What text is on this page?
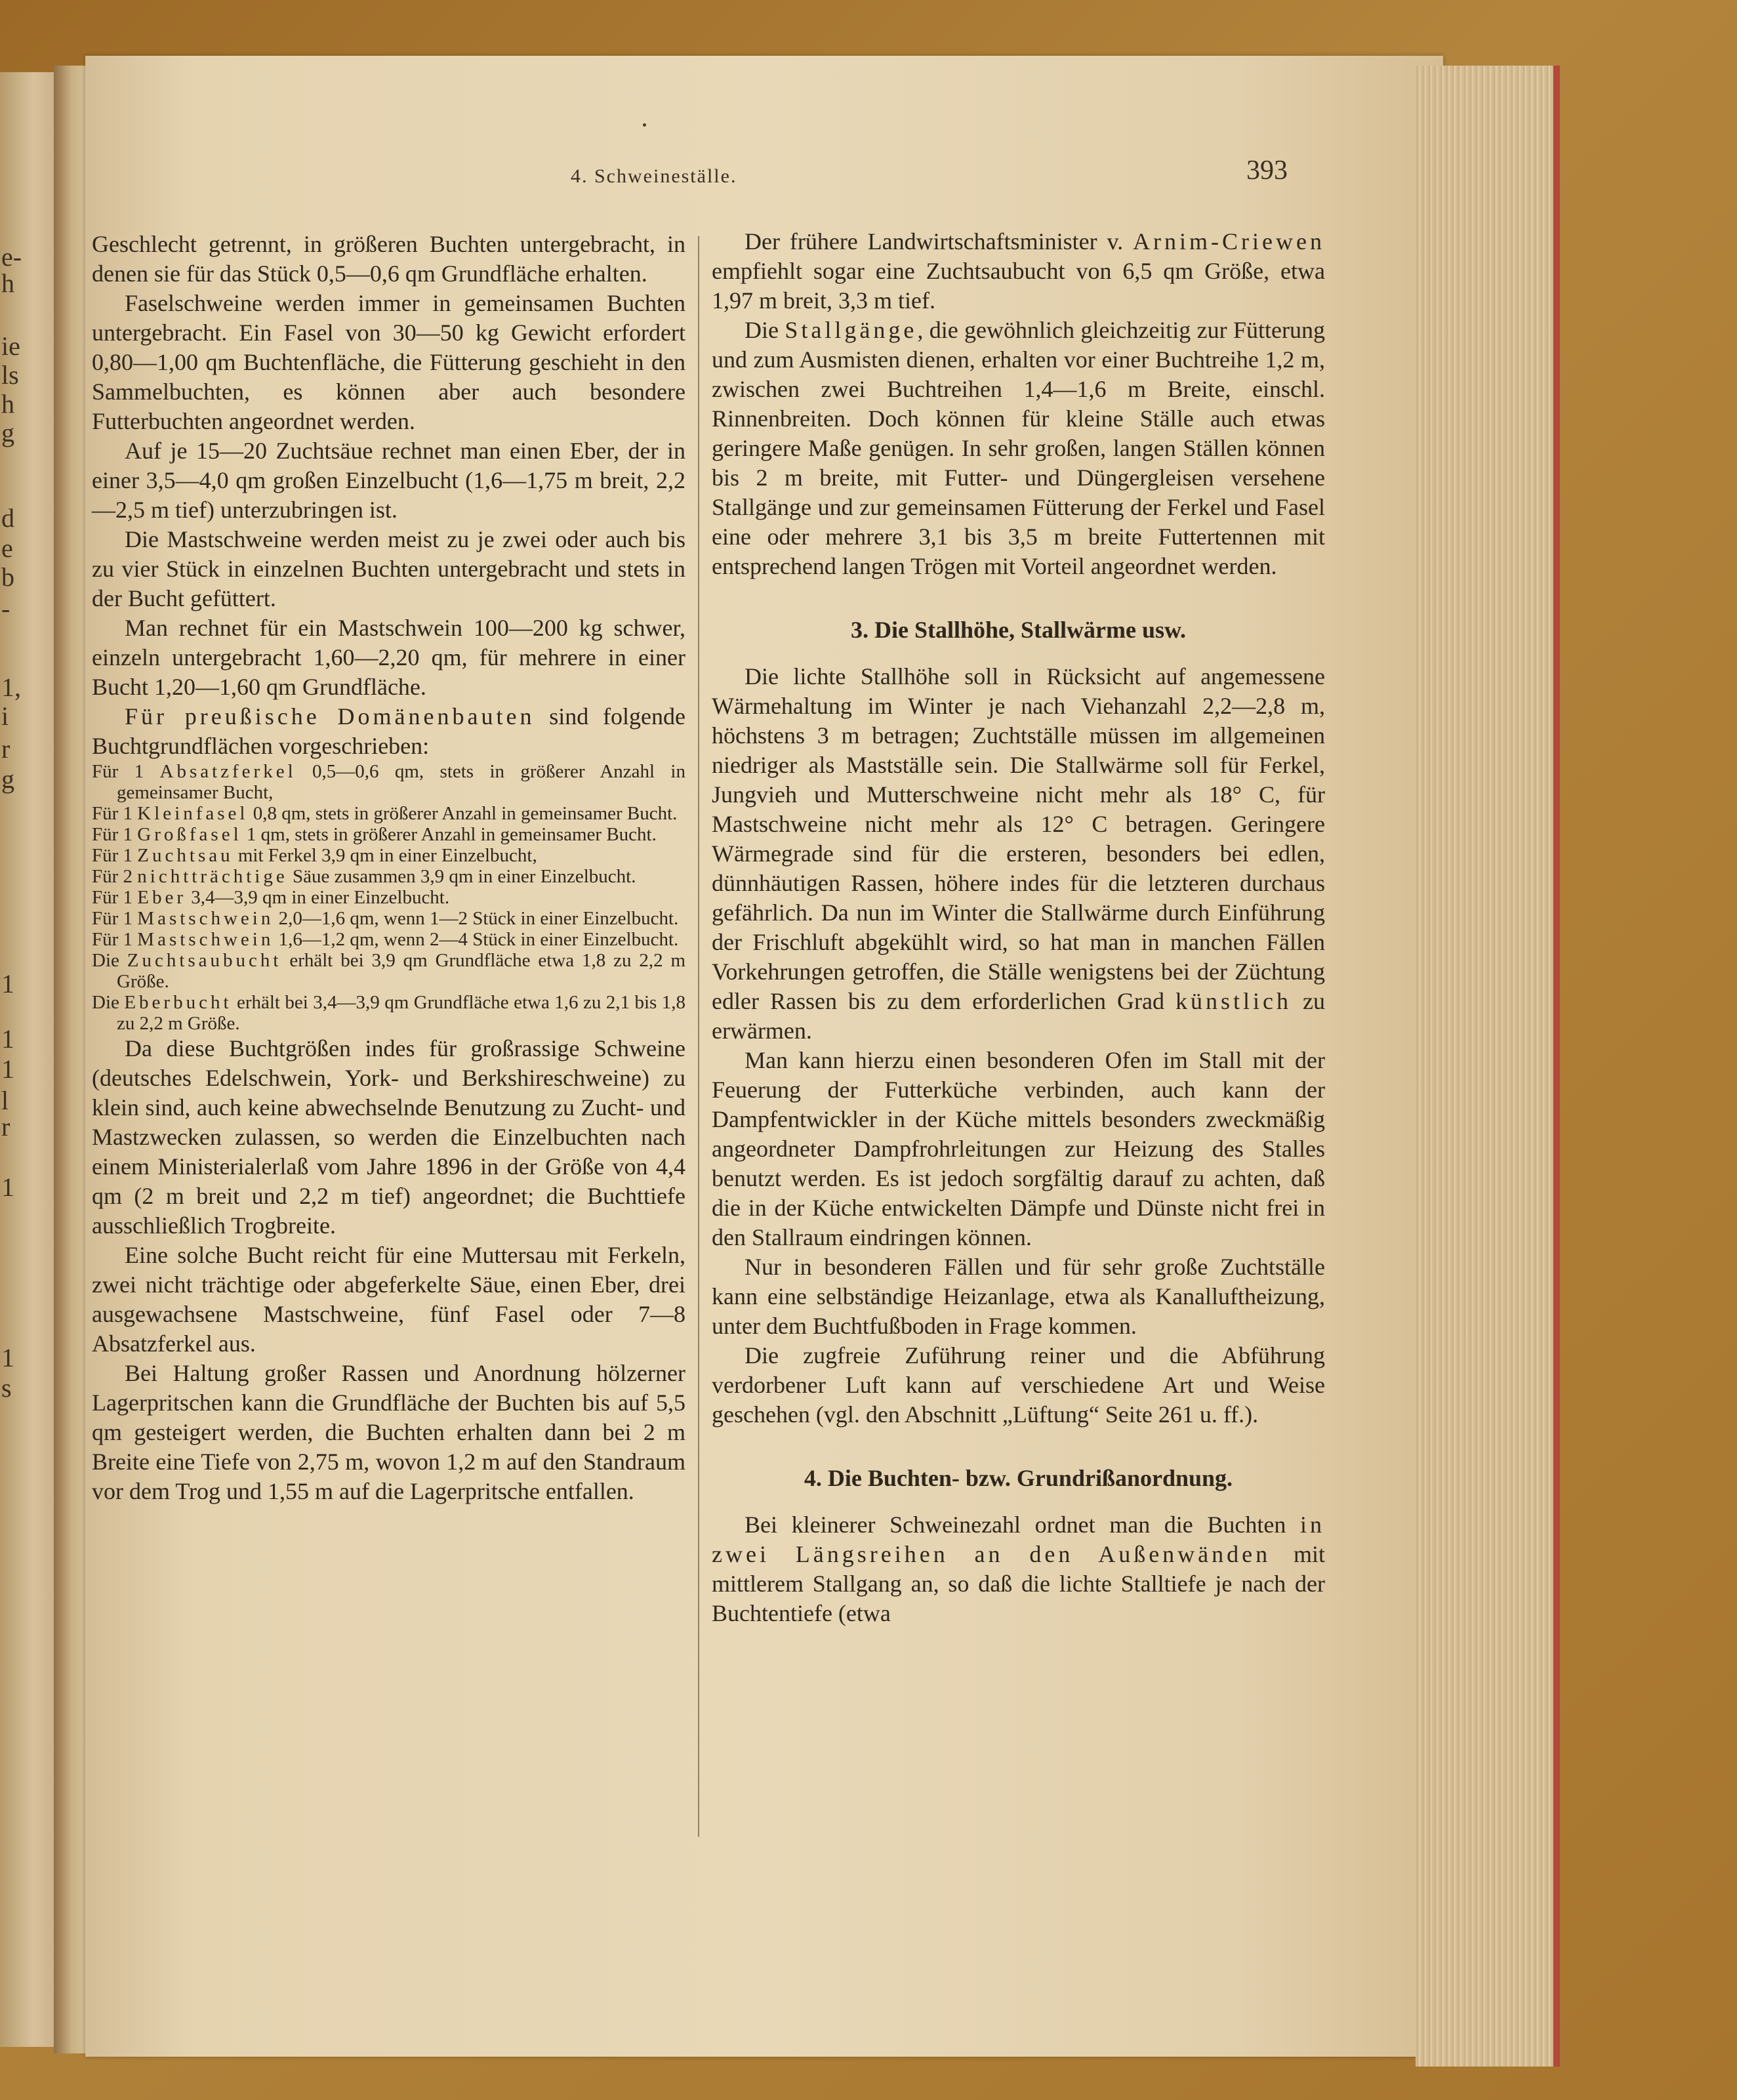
e-
h
ie
ls
h
g
d
e
b
-
1,
i
r
g
1
1
1
l
r
1
1
s
4. Schweineställe.	393

Geschlecht getrennt, in größeren Buchten untergebracht, in denen sie für das Stück 0,5—0,6 qm Grundfläche erhalten.

Faselschweine werden immer in gemeinsamen Buchten untergebracht. Ein Fasel von 30—50 kg Gewicht erfordert 0,80—1,00 qm Buchtenfläche, die Fütterung geschieht in den Sammelbuchten, es können aber auch besondere Futterbuchten angeordnet werden.

Auf je 15—20 Zuchtsäue rechnet man einen Eber, der in einer 3,5—4,0 qm großen Einzelbucht (1,6—1,75 m breit, 2,2—2,5 m tief) unterzubringen ist.

Die Mastschweine werden meist zu je zwei oder auch bis zu vier Stück in einzelnen Buchten untergebracht und stets in der Bucht gefüttert.

Man rechnet für ein Mastschwein 100—200 kg schwer, einzeln untergebracht 1,60—2,20 qm, für mehrere in einer Bucht 1,20—1,60 qm Grundfläche.

Für preußische Domänenbauten sind folgende Buchtgrundflächen vorgeschrieben:

Für 1 Absatzferkel 0,5—0,6 qm, stets in größerer Anzahl in gemeinsamer Bucht,

Für 1 Kleinfasel 0,8 qm, stets in größerer Anzahl in gemeinsamer Bucht.

Für 1 Großfasel 1 qm, stets in größerer Anzahl in gemeinsamer Bucht.

Für 1 Zuchtsau mit Ferkel 3,9 qm in einer Einzelbucht,

Für 2 nichtträchtige Säue zusammen 3,9 qm in einer Einzelbucht.

Für 1 Eber 3,4—3,9 qm in einer Einzelbucht.

Für 1 Mastschwein 2,0—1,6 qm, wenn 1—2 Stück in einer Einzelbucht.

Für 1 Mastschwein 1,6—1,2 qm, wenn 2—4 Stück in einer Einzelbucht.

Die Zuchtsaubucht erhält bei 3,9 qm Grundfläche etwa 1,8 zu 2,2 m Größe.

Die Eberbucht erhält bei 3,4—3,9 qm Grundfläche etwa 1,6 zu 2,1 bis 1,8 zu 2,2 m Größe.

Da diese Buchtgrößen indes für großrassige Schweine (deutsches Edelschwein, York- und Berkshireschweine) zu klein sind, auch keine abwechselnde Benutzung zu Zucht- und Mastzwecken zulassen, so werden die Einzelbuchten nach einem Ministerialerlaß vom Jahre 1896 in der Größe von 4,4 qm (2 m breit und 2,2 m tief) angeordnet; die Buchttiefe ausschließlich Trogbreite.

Eine solche Bucht reicht für eine Muttersau mit Ferkeln, zwei nicht trächtige oder abgeferkelte Säue, einen Eber, drei ausgewachsene Mastschweine, fünf Fasel oder 7—8 Absatzferkel aus.

Bei Haltung großer Rassen und Anordnung hölzerner Lagerpritschen kann die Grundfläche der Buchten bis auf 5,5 qm gesteigert werden, die Buchten erhalten dann bei 2 m Breite eine Tiefe von 2,75 m, wovon 1,2 m auf den Standraum vor dem Trog und 1,55 m auf die Lagerpritsche entfallen.

Der frühere Landwirtschaftsminister v. Arnim-Criewen empfiehlt sogar eine Zuchtsaubucht von 6,5 qm Größe, etwa 1,97 m breit, 3,3 m tief.

Die Stallgänge, die gewöhnlich gleichzeitig zur Fütterung und zum Ausmisten dienen, erhalten vor einer Buchtreihe 1,2 m, zwischen zwei Buchtreihen 1,4—1,6 m Breite, einschl. Rinnenbreiten. Doch können für kleine Ställe auch etwas geringere Maße genügen. In sehr großen, langen Ställen können bis 2 m breite, mit Futter- und Düngergleisen versehene Stallgänge und zur gemeinsamen Fütterung der Ferkel und Fasel eine oder mehrere 3,1 bis 3,5 m breite Futtertennen mit entsprechend langen Trögen mit Vorteil angeordnet werden.

3. Die Stallhöhe, Stallwärme usw.

Die lichte Stallhöhe soll in Rücksicht auf angemessene Wärmehaltung im Winter je nach Viehanzahl 2,2—2,8 m, höchstens 3 m betragen; Zuchtställe müssen im allgemeinen niedriger als Mastställe sein. Die Stallwärme soll für Ferkel, Jungvieh und Mutterschweine nicht mehr als 18° C, für Mastschweine nicht mehr als 12° C betragen. Geringere Wärmegrade sind für die ersteren, besonders bei edlen, dünnhäutigen Rassen, höhere indes für die letzteren durchaus gefährlich. Da nun im Winter die Stallwärme durch Einführung der Frischluft abgekühlt wird, so hat man in manchen Fällen Vorkehrungen getroffen, die Ställe wenigstens bei der Züchtung edler Rassen bis zu dem erforderlichen Grad künstlich zu erwärmen.

Man kann hierzu einen besonderen Ofen im Stall mit der Feuerung der Futterküche verbinden, auch kann der Dampfentwickler in der Küche mittels besonders zweckmäßig angeordneter Dampfrohrleitungen zur Heizung des Stalles benutzt werden. Es ist jedoch sorgfältig darauf zu achten, daß die in der Küche entwickelten Dämpfe und Dünste nicht frei in den Stallraum eindringen können.

Nur in besonderen Fällen und für sehr große Zuchtställe kann eine selbständige Heizanlage, etwa als Kanalluftheizung, unter dem Buchtfußboden in Frage kommen.

Die zugfreie Zuführung reiner und die Abführung verdorbener Luft kann auf verschiedene Art und Weise geschehen (vgl. den Abschnitt „Lüftung“ Seite 261 u. ff.).

4. Die Buchten- bzw. Grundrißanordnung.

Bei kleinerer Schweinezahl ordnet man die Buchten in zwei Längsreihen an den Außenwänden mit mittlerem Stallgang an, so daß die lichte Stalltiefe je nach der Buchtentiefe (etwa
